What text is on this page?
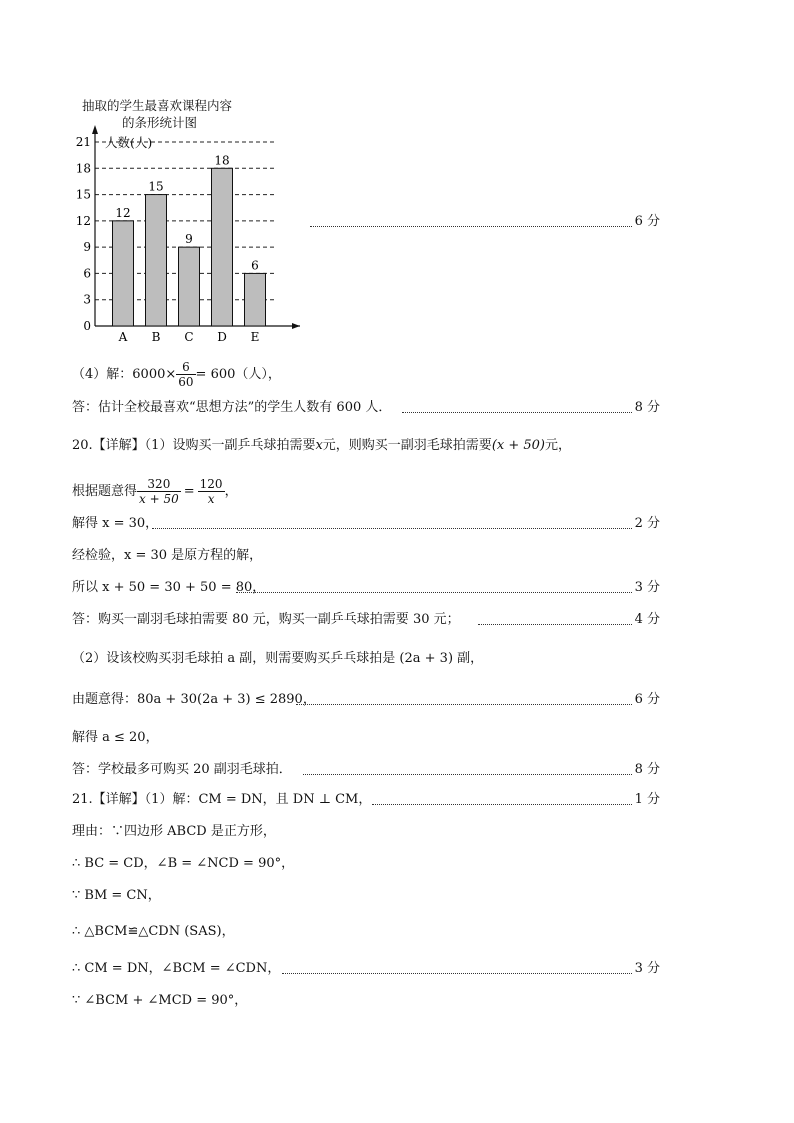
抽取的学生最喜欢课程内容
的条形统计图
人数(人)
0
3
6
9
12
15
18
21
12
A
15
B
9
C
18
D
6
E
6 分
（4）解：$6000\times \frac{6}{60} = 600$（人），
答：估计全校最喜欢“思想方法”的学生人数有 600 人．	8 分
20.【详解】（1）设购买一副乒乓球拍需要x元，则购买一副羽毛球拍需要(x + 50)元，
根据题意得 $\frac{320}{x + 50} = \frac{120}{x}$ ，
解得 x = 30，	2 分
经检验，x = 30 是原方程的解，
所以 x + 50 = 30 + 50 = 80，	3 分
答：购买一副羽毛球拍需要 80 元，购买一副乒乓球拍需要 30 元；	4 分
（2）设该校购买羽毛球拍 a 副，则需要购买乒乓球拍是 (2a + 3) 副，
由题意得：80a + 30(2a + 3) ≤ 2890，	6 分
解得 a ≤ 20，
答：学校最多可购买 20 副羽毛球拍．	8 分
21.【详解】（1）解：CM = DN，且 DN ⊥ CM，	1 分
理由：∵四边形 ABCD 是正方形，
∴ BC = CD，∠B = ∠NCD = 90°，
∵ BM = CN，
∴ △BCM≌△CDN (SAS)，
∴ CM = DN，∠BCM = ∠CDN，	3 分
∵ ∠BCM + ∠MCD = 90°，
